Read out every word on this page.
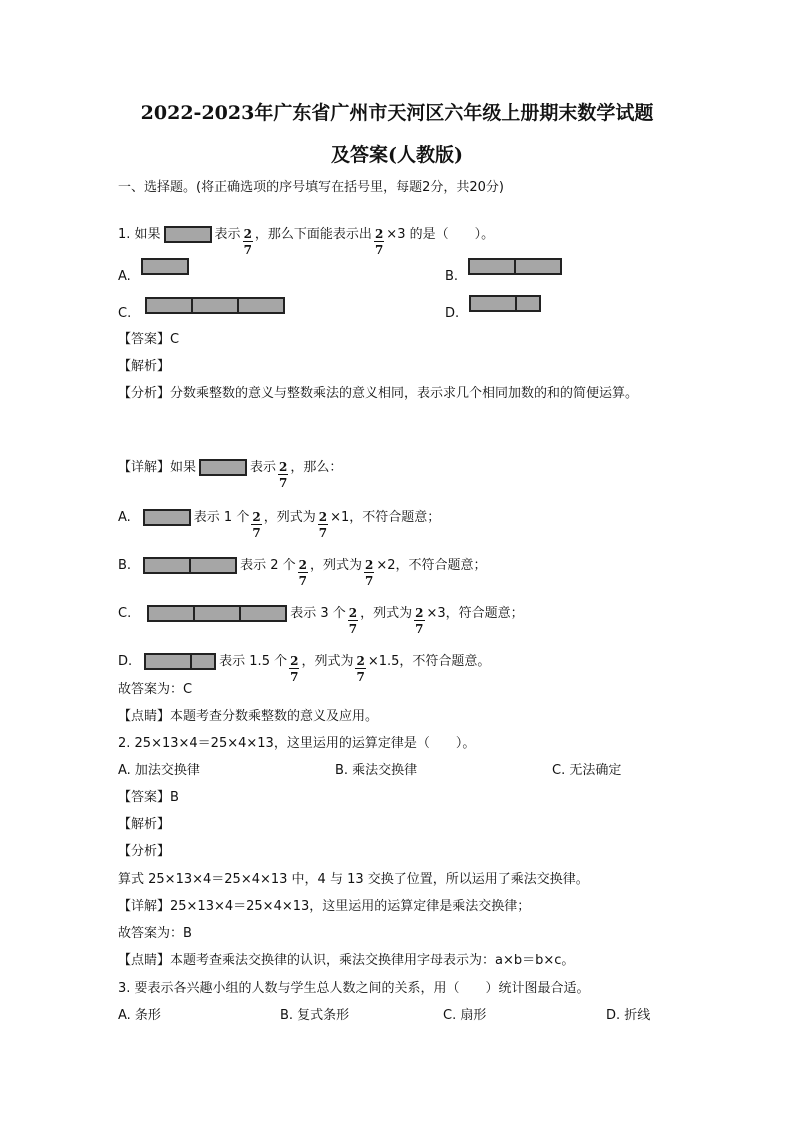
2022-2023年广东省广州市天河区六年级上册期末数学试题
及答案(人教版)
一、选择题。(将正确选项的序号填写在括号里，每题2分，共20分)
1. 如果	表示 $\frac{2}{7}$ ，那么下面能表示出 $\frac{2}{7} \times 3$ 的是（　　）。
A.	B.
C.	D.
【答案】C
【解析】
【分析】分数乘整数的意义与整数乘法的意义相同，表示求几个相同加数的和的简便运算。
【详解】如果	表示 $\frac{2}{7}$ ，那么：
A.	表示 1 个 $\frac{2}{7}$ ，列式为 $\frac{2}{7} \times 1$，不符合题意；
B.	表示 2 个 $\frac{2}{7}$ ，列式为 $\frac{2}{7} \times 2$，不符合题意；
C.	表示 3 个 $\frac{2}{7}$ ，列式为 $\frac{2}{7} \times 3$，符合题意；
D.	表示 1.5 个 $\frac{2}{7}$ ，列式为 $\frac{2}{7} \times 1.5$，不符合题意。
故答案为：C
【点睛】本题考查分数乘整数的意义及应用。
2. 25×13×4＝25×4×13，这里运用的运算定律是（　　）。
A. 加法交换律	B. 乘法交换律	C. 无法确定
【答案】B
【解析】
【分析】
算式 25×13×4＝25×4×13 中，4 与 13 交换了位置，所以运用了乘法交换律。
【详解】25×13×4＝25×4×13，这里运用的运算定律是乘法交换律；
故答案为：B
【点睛】本题考查乘法交换律的认识，乘法交换律用字母表示为：a×b＝b×c。
3. 要表示各兴趣小组的人数与学生总人数之间的关系，用（　　）统计图最合适。
A. 条形	B. 复式条形	C. 扇形	D. 折线
